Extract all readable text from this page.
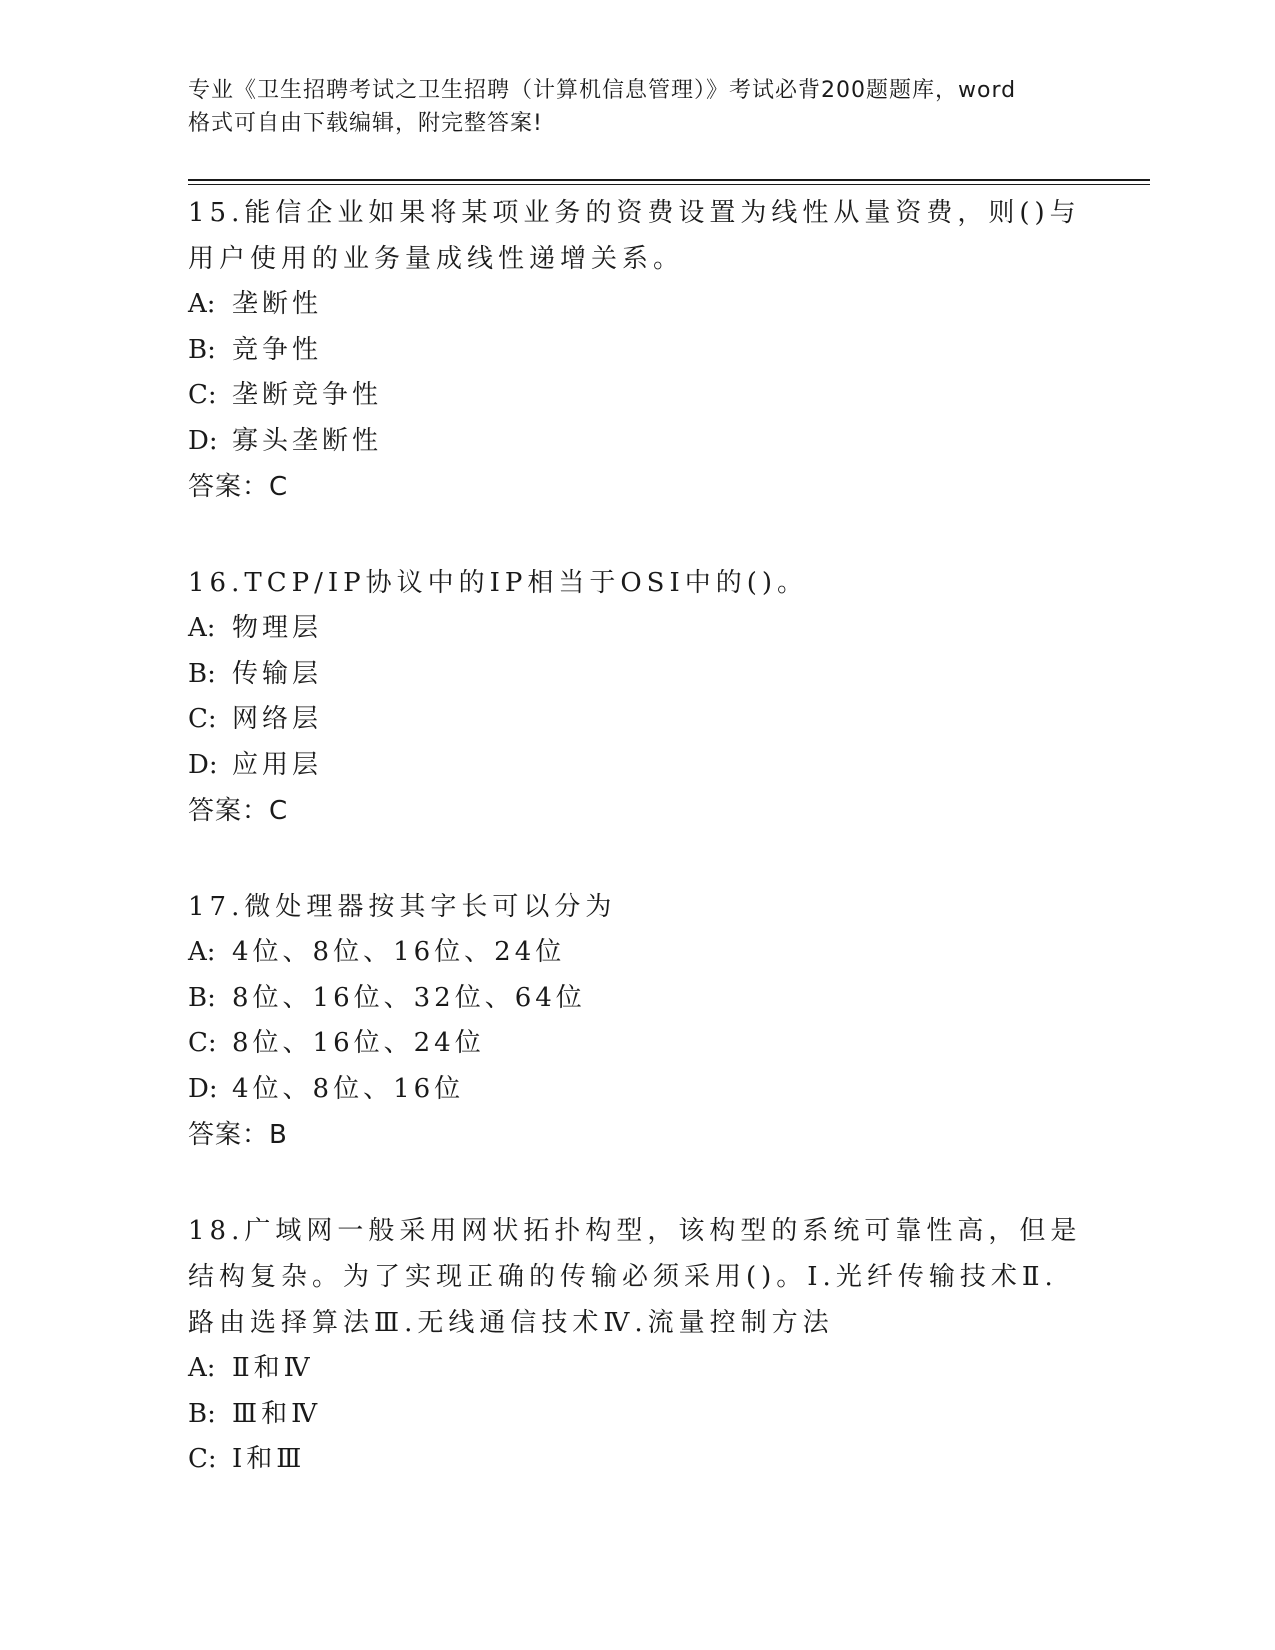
专业《卫生招聘考试之卫生招聘（计算机信息管理）》考试必背200题题库，word
格式可自由下载编辑，附完整答案!

15.能信企业如果将某项业务的资费设置为线性从量资费，则()与用户使用的业务量成线性递增关系。

A: 垄断性

B: 竞争性

C: 垄断竞争性

D: 寡头垄断性

答案：C

16.TCP/IP协议中的IP相当于OSI中的()。

A: 物理层

B: 传输层

C: 网络层

D: 应用层

答案：C

17.微处理器按其字长可以分为

A: 4位、8位、16位、24位

B: 8位、16位、32位、64位

C: 8位、16位、24位

D: 4位、8位、16位

答案：B

18.广域网一般采用网状拓扑构型，该构型的系统可靠性高，但是结构复杂。为了实现正确的传输必须采用()。Ⅰ.光纤传输技术Ⅱ.路由选择算法Ⅲ.无线通信技术Ⅳ.流量控制方法

A: Ⅱ和Ⅳ

B: Ⅲ和Ⅳ

C: Ⅰ和Ⅲ
